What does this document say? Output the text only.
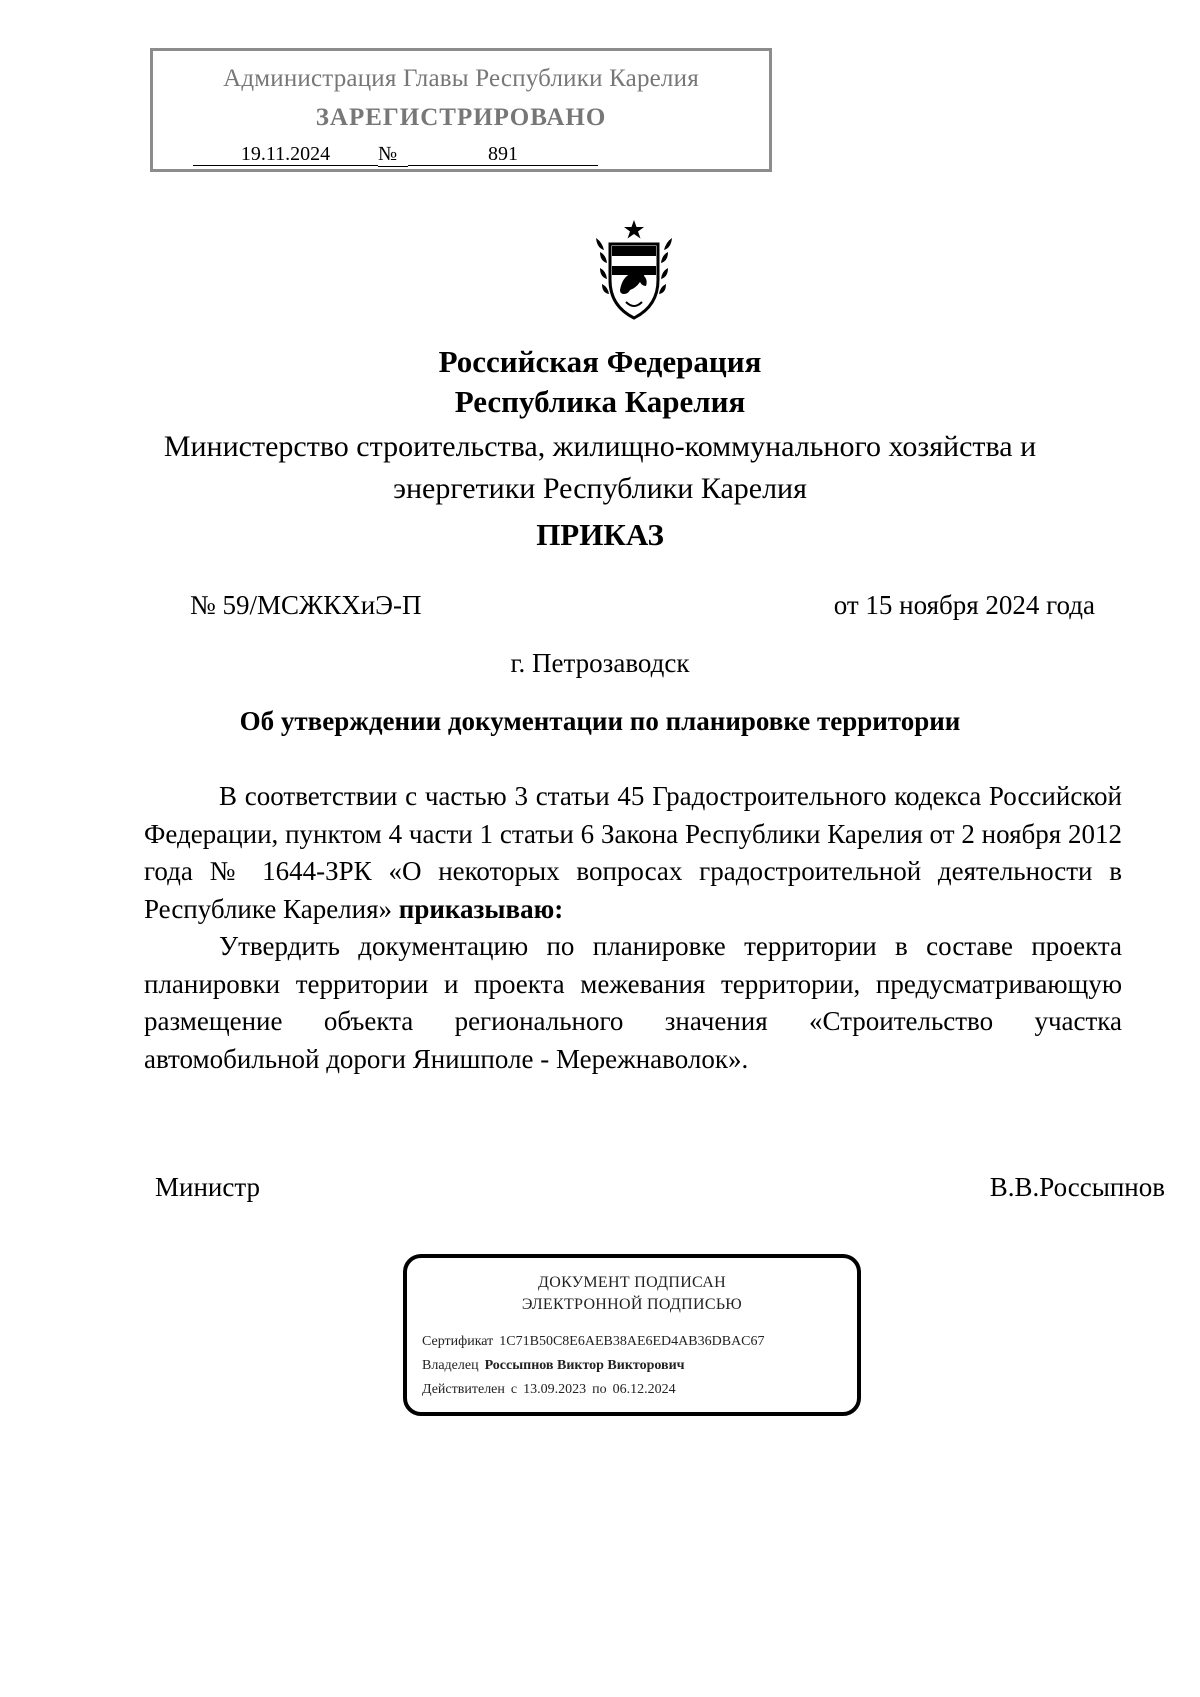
Администрация Главы Республики Карелия
ЗАРЕГИСТРИРОВАНО
19.11.2024 №	891
Российская Федерация
Республика Карелия
Министерство строительства, жилищно-коммунального хозяйства и
энергетики Республики Карелия
ПРИКАЗ
№ 59/МСЖКХиЭ-П	от 15 ноября 2024 года
г. Петрозаводск
Об утверждении документации по планировке территории

В соответствии с частью 3 статьи 45 Градостроительного кодекса Российской Федерации, пунктом 4 части 1 статьи 6 Закона Республики Карелия от 2 ноября 2012 года № 1644-ЗРК «О некоторых вопросах градостроительной деятельности в Республике Карелия» приказываю:

Утвердить документацию по планировке территории в составе проекта планировки территории и проекта межевания территории, предусматривающую размещение объекта регионального значения «Строительство участка автомобильной дороги Янишполе - Мережнаволок».

Министр	В.В.Россыпнов
ДОКУМЕНТ ПОДПИСАН
ЭЛЕКТРОННОЙ ПОДПИСЬЮ
Сертификат 1C71B50C8E6AEB38AE6ED4AB36DBAC67
Владелец Россыпнов Виктор Викторович
Действителен с 13.09.2023 по 06.12.2024
